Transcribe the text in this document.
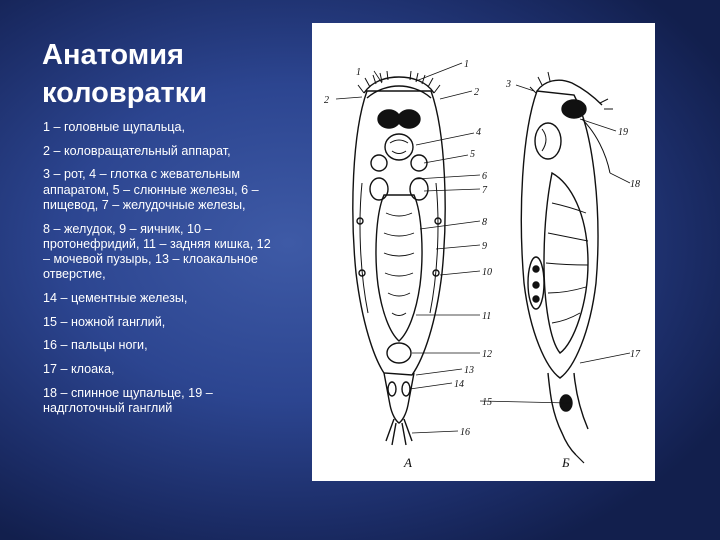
Анатомия
коловратки

1 – головные щупальца,

2 – коловращательный аппарат,

3 – рот, 4 – глотка с жевательным аппаратом, 5 – слюнные железы, 6 – пищевод, 7 – желудочные железы,

8 – желудок, 9 – яичник, 10 – протонефридий, 11 – задняя кишка, 12 – мочевой пузырь, 13 – клоакальное отверстие,

14 – цементные железы,

15 – ножной ганглий,

16 – пальцы ноги,

17 – клоака,

18 – спинное щупальце, 19 – надглоточный ганглий

1
1
2
2
3
4
5
6
7
8
9
10
11
12
13
14
15
16
17
18
19
А	Б
